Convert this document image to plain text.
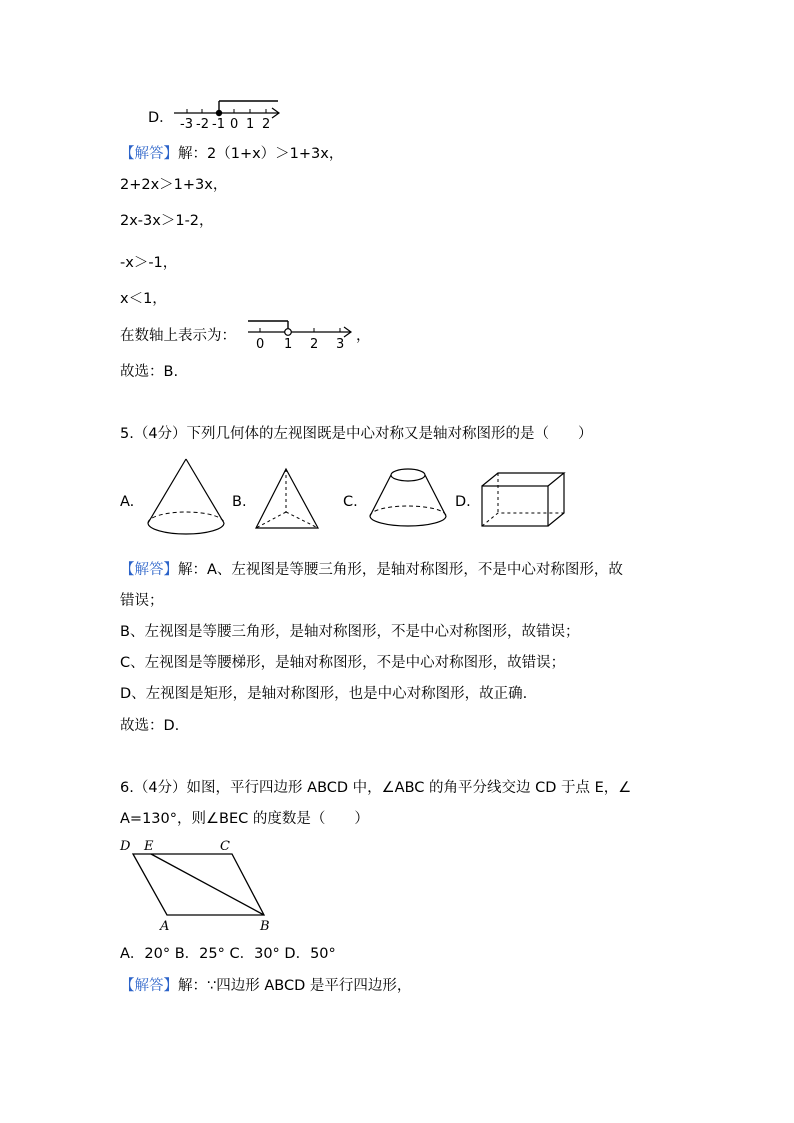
D． -3 -2 -1 0 1 2
【解答】解：2（1+x）＞1+3x，
2+2x＞1+3x，
2x-3x＞1-2，
-x＞-1，
x＜1，
在数轴上表示为：
0 1 2 3
，
故选：B.
5.（4分）下列几何体的左视图既是中心对称又是轴对称图形的是（　　）
A.	B.	C.	D.
【解答】解：A、左视图是等腰三角形，是轴对称图形，不是中心对称图形，故
错误；
B、左视图是等腰三角形，是轴对称图形，不是中心对称图形，故错误；
C、左视图是等腰梯形，是轴对称图形，不是中心对称图形，故错误；
D、左视图是矩形，是轴对称图形，也是中心对称图形，故正确.
故选：D.
6.（4分）如图，平行四边形 ABCD 中，∠ABC 的角平分线交边 CD 于点 E，∠
A=130°，则∠BEC 的度数是（　　）
D E	C
A	B
A．20° B．25° C．30° D．50°
【解答】解：∵四边形 ABCD 是平行四边形，
